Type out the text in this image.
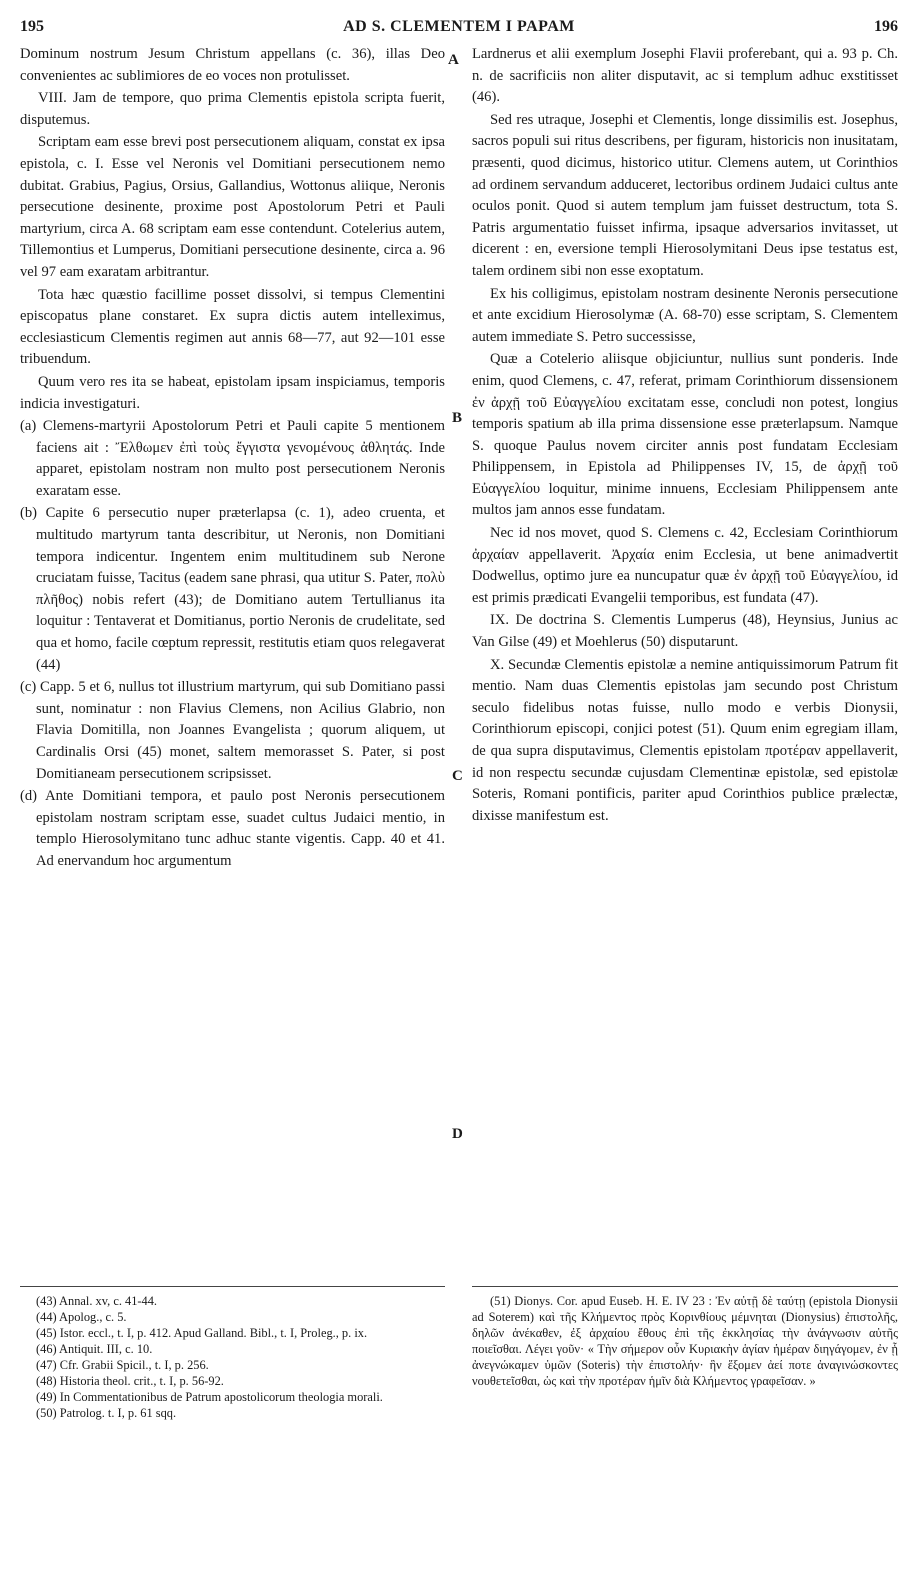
195	AD S. CLEMENTEM I PAPAM	196

Dominum nostrum Jesum Christum appellans (c. 36), illas Deo convenientes ac sublimiores de eo voces non protulisset.

VIII. Jam de tempore, quo prima Clementis epistola scripta fuerit, disputemus.

Scriptam eam esse brevi post persecutionem aliquam, constat ex ipsa epistola, c. I. Esse vel Neronis vel Domitiani persecutionem nemo dubitat. Grabius, Pagius, Orsius, Gallandius, Wottonus aliique, Neronis persecutione desinente, proxime post Apostolorum Petri et Pauli martyrium, circa A. 68 scriptam eam esse contendunt. Cotelerius autem, Tillemontius et Lumperus, Domitiani persecutione desinente, circa a. 96 vel 97 eam exaratam arbitrantur.

Tota hæc quæstio facillime posset dissolvi, si tempus Clementini episcopatus plane constaret. Ex supra dictis autem intelleximus, ecclesiasticum Clementis regimen aut annis 68—77, aut 92—101 esse tribuendum.

Quum vero res ita se habeat, epistolam ipsam inspiciamus, temporis indicia investigaturi.

(a) Clemens-martyrii Apostolorum Petri et Pauli capite 5 mentionem faciens ait : Ἔλθωμεν ἐπὶ τοὺς ἔγγιστα γενομένους ἀθλητάς. Inde apparet, epistolam nostram non multo post persecutionem Neronis exaratam esse.
(b) Capite 6 persecutio nuper præterlapsa (c. 1), adeo cruenta, et multitudo martyrum tanta describitur, ut Neronis, non Domitiani tempora indicentur. Ingentem enim multitudinem sub Nerone cruciatam fuisse, Tacitus (eadem sane phrasi, qua utitur S. Pater, πολὺ πλῆθος) nobis refert (43); de Domitiano autem Tertullianus ita loquitur : Tentaverat et Domitianus, portio Neronis de crudelitate, sed qua et homo, facile cœptum repressit, restitutis etiam quos relegaverat (44)
(c) Capp. 5 et 6, nullus tot illustrium martyrum, qui sub Domitiano passi sunt, nominatur : non Flavius Clemens, non Acilius Glabrio, non Flavia Domitilla, non Joannes Evangelista ; quorum aliquem, ut Cardinalis Orsi (45) monet, saltem memorasset S. Pater, si post Domitianeam persecutionem scripsisset.
(d) Ante Domitiani tempora, et paulo post Neronis persecutionem epistolam nostram scriptam esse, suadet cultus Judaici mentio, in templo Hierosolymitano tunc adhuc stante vigentis. Capp. 40 et 41. Ad enervandum hoc argumentum
A
B
C
D

Lardnerus et alii exemplum Josephi Flavii proferebant, qui a. 93 p. Ch. n. de sacrificiis non aliter disputavit, ac si templum adhuc exstitisset (46).

Sed res utraque, Josephi et Clementis, longe dissimilis est. Josephus, sacros populi sui ritus describens, per figuram, historicis non inusitatam, præsenti, quod dicimus, historico utitur. Clemens autem, ut Corinthios ad ordinem servandum adduceret, lectoribus ordinem Judaici cultus ante oculos ponit. Quod si autem templum jam fuisset destructum, tota S. Patris argumentatio fuisset infirma, ipsaque adversarios invitasset, ut dicerent : en, eversione templi Hierosolymitani Deus ipse testatus est, talem ordinem sibi non esse exoptatum.

Ex his colligimus, epistolam nostram desinente Neronis persecutione et ante excidium Hierosolymæ (A. 68-70) esse scriptam, S. Clementem autem immediate S. Petro successisse,

Quæ a Cotelerio aliisque objiciuntur, nullius sunt ponderis. Inde enim, quod Clemens, c. 47, referat, primam Corinthiorum dissensionem ἐν ἀρχῇ τοῦ Εὐαγγελίου excitatam esse, concludi non potest, longius temporis spatium ab illa prima dissensione esse præterlapsum. Namque S. quoque Paulus novem circiter annis post fundatam Ecclesiam Philippensem, in Epistola ad Philippenses IV, 15, de ἀρχῇ τοῦ Εὐαγγελίου loquitur, minime innuens, Ecclesiam Philippensem ante multos jam annos esse fundatam.

Nec id nos movet, quod S. Clemens c. 42, Ecclesiam Corinthiorum ἀρχαίαν appellaverit. Ἀρχαία enim Ecclesia, ut bene animadvertit Dodwellus, optimo jure ea nuncupatur quæ ἐν ἀρχῇ τοῦ Εὐαγγελίου, id est primis prædicati Evangelii temporibus, est fundata (47).

IX. De doctrina S. Clementis Lumperus (48), Heynsius, Junius ac Van Gilse (49) et Moehlerus (50) disputarunt.

X. Secundæ Clementis epistolæ a nemine antiquissimorum Patrum fit mentio. Nam duas Clementis epistolas jam secundo post Christum seculo fidelibus notas fuisse, nullo modo e verbis Dionysii, Corinthiorum episcopi, conjici potest (51). Quum enim egregiam illam, de qua supra disputavimus, Clementis epistolam προτέραν appellaverit, id non respectu secundæ cujusdam Clementinæ epistolæ, sed epistolæ Soteris, Romani pontificis, pariter apud Corinthios publice prælectæ, dixisse manifestum est.

(43) Annal. xv, c. 41-44.
(44) Apolog., c. 5.
(45) Istor. eccl., t. I, p. 412. Apud Galland. Bibl., t. I, Proleg., p. ix.
(46) Antiquit. III, c. 10.
(47) Cfr. Grabii Spicil., t. I, p. 256.
(48) Historia theol. crit., t. I, p. 56-92.
(49) In Commentationibus de Patrum apostolicorum theologia morali.
(50) Patrolog. t. I, p. 61 sqq.
(51) Dionys. Cor. apud Euseb. H. E. IV 23 : Ἐν αὐτῇ δὲ ταύτῃ (epistola Dionysii ad Soterem) καὶ τῆς Κλήμεντος πρὸς Κορινθίους μέμνηται (Dionysius) ἐπιστολῆς, δηλῶν ἀνέκαθεν, ἐξ ἀρχαίου ἔθους ἐπὶ τῆς ἐκκλησίας τὴν ἀνάγνωσιν αὐτῆς ποιεῖσθαι. Λέγει γοῦν· « Τὴν σήμερον οὖν Κυριακὴν ἁγίαν ἡμέραν διηγάγομεν, ἐν ᾗ ἀνεγνώκαμεν ὑμῶν (Soteris) τὴν ἐπιστολήν· ἣν ἕξομεν ἀεί ποτε ἀναγινώσκοντες νουθετεῖσθαι, ὡς καὶ τὴν προτέραν ἡμῖν διὰ Κλήμεντος γραφεῖσαν. »
